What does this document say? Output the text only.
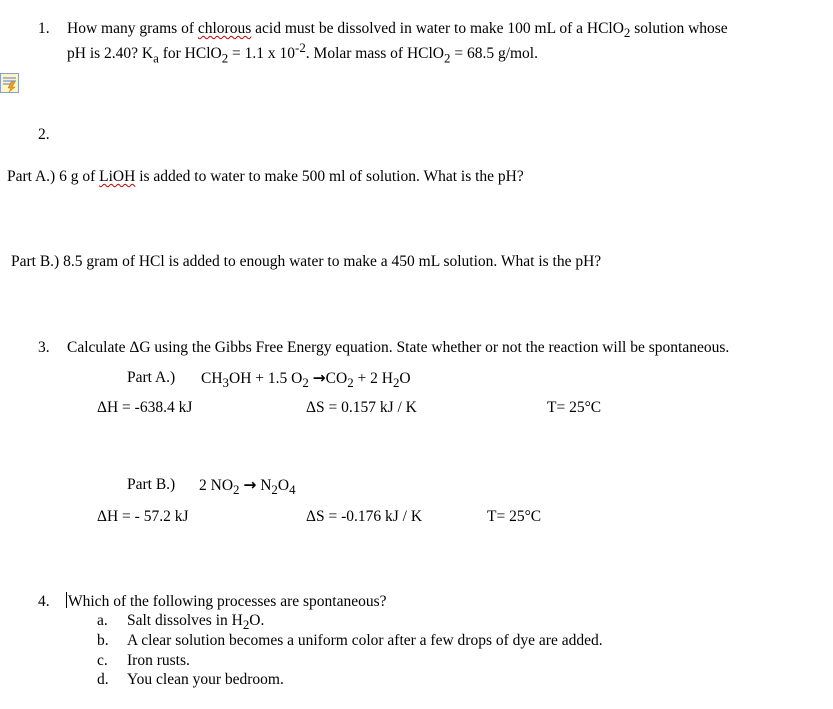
1. How many grams of chlorous acid must be dissolved in water to make 100 mL of a HClO$_2$ solution whose
pH is 2.40? $K_a$ for HClO$_2$ = 1.1 x $10^{-2}$. Molar mass of HClO$_2$ = 68.5 g/mol.
2.
Part A.) 6 g of LiOH is added to water to make 500 ml of solution. What is the pH?
Part B.) 8.5 gram of HCl is added to enough water to make a 450 mL solution. What is the pH?
3. Calculate ΔG using the Gibbs Free Energy equation. State whether or not the reaction will be spontaneous.
Part A.) $CH_3OH + 1.5$ $O_2 \to CO_2 + 2$ $H_2O$
ΔH = -638.4 kJ	ΔS = 0.157 kJ / K	T= 25°C
Part B.) 2 $NO_2 \to N_2O_4$
ΔH = - 57.2 kJ	ΔS = -0.176 kJ / K	T= 25°C
4. Which of the following processes are spontaneous?
a. Salt dissolves in $H_2O$.
b. A clear solution becomes a uniform color after a few drops of dye are added.
c. Iron rusts.
d. You clean your bedroom.
